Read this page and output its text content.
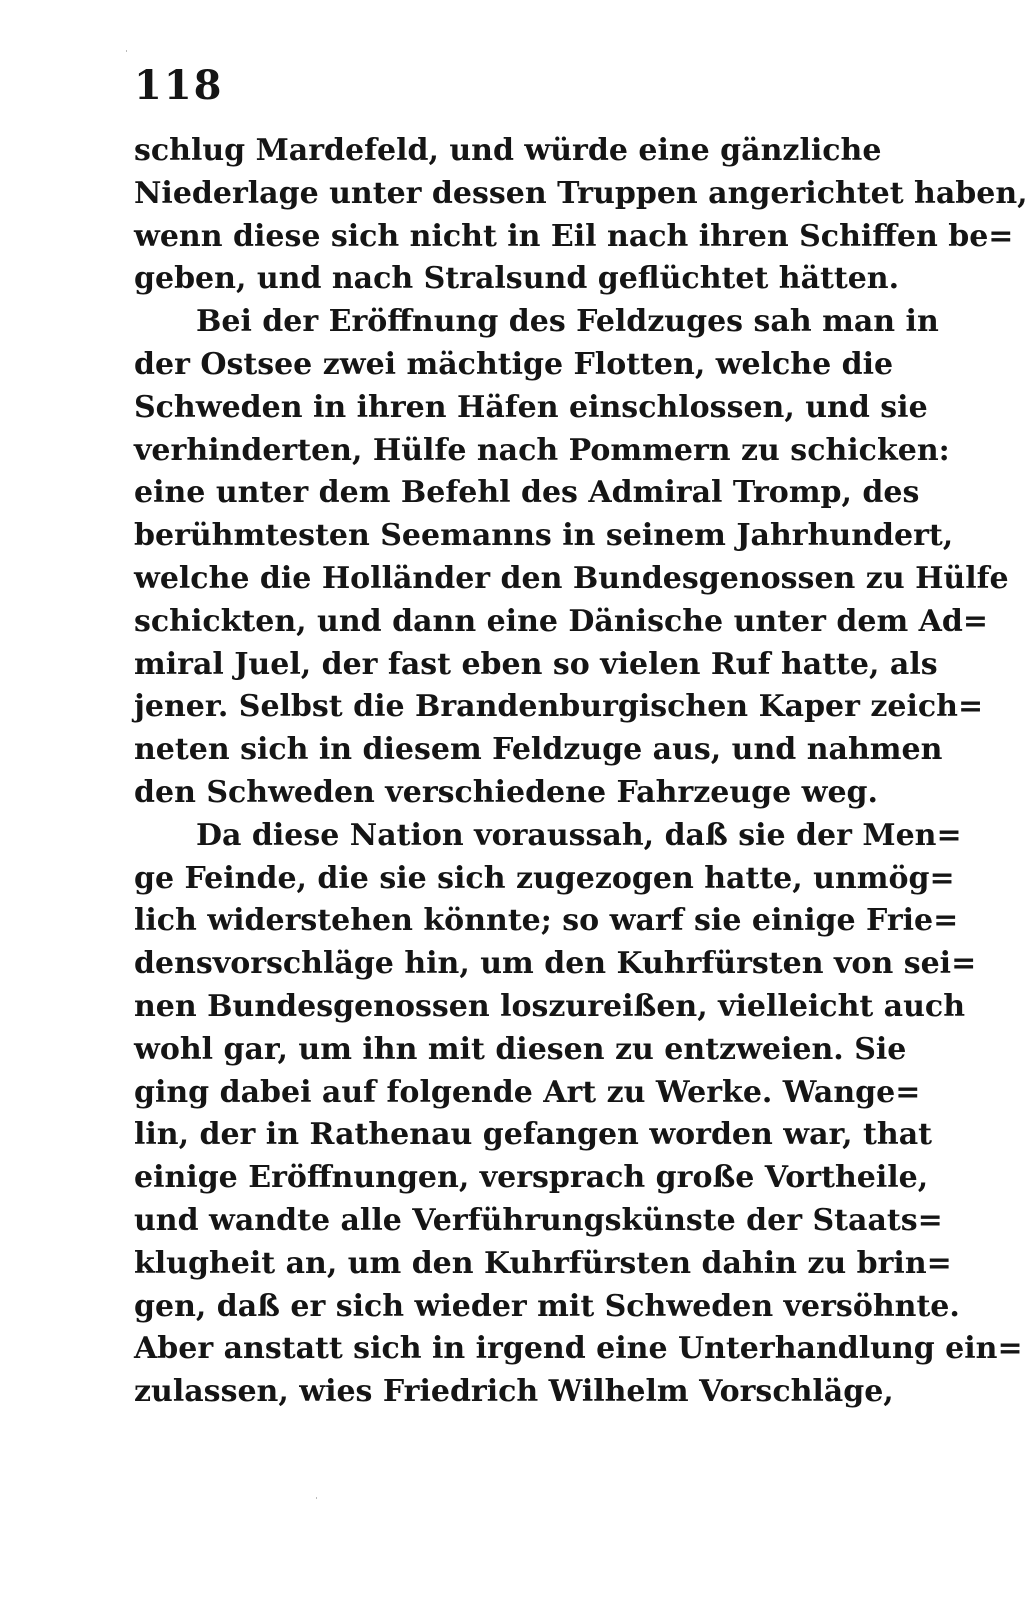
118
schlug Mardefeld, und würde eine gänzliche
Niederlage unter dessen Truppen angerichtet haben,
wenn diese sich nicht in Eil nach ihren Schiffen be=
geben, und nach Stralsund geflüchtet hätten.
Bei der Eröffnung des Feldzuges sah man in
der Ostsee zwei mächtige Flotten, welche die
Schweden in ihren Häfen einschlossen, und sie
verhinderten, Hülfe nach Pommern zu schicken:
eine unter dem Befehl des Admiral Tromp, des
berühmtesten Seemanns in seinem Jahrhundert,
welche die Holländer den Bundesgenossen zu Hülfe
schickten, und dann eine Dänische unter dem Ad=
miral Juel, der fast eben so vielen Ruf hatte, als
jener. Selbst die Brandenburgischen Kaper zeich=
neten sich in diesem Feldzuge aus, und nahmen
den Schweden verschiedene Fahrzeuge weg.
Da diese Nation voraussah, daß sie der Men=
ge Feinde, die sie sich zugezogen hatte, unmög=
lich widerstehen könnte; so warf sie einige Frie=
densvorschläge hin, um den Kuhrfürsten von sei=
nen Bundesgenossen loszureißen, vielleicht auch
wohl gar, um ihn mit diesen zu entzweien. Sie
ging dabei auf folgende Art zu Werke. Wange=
lin, der in Rathenau gefangen worden war, that
einige Eröffnungen, versprach große Vortheile,
und wandte alle Verführungskünste der Staats=
klugheit an, um den Kuhrfürsten dahin zu brin=
gen, daß er sich wieder mit Schweden versöhnte.
Aber anstatt sich in irgend eine Unterhandlung ein=
zulassen, wies Friedrich Wilhelm Vorschläge,
